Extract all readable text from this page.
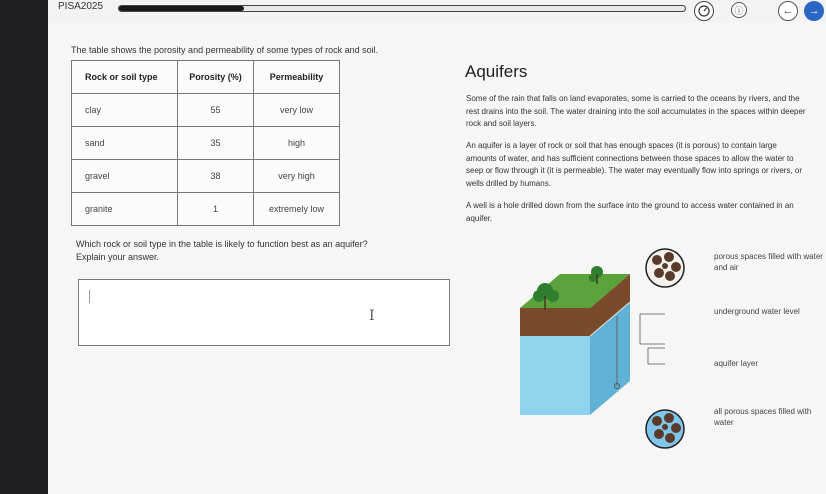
PISA2025	ⓘ	←	→
The table shows the porosity and permeability of some types of rock and soil.
Rock or soil type	Porosity (%)	Permeability
clay	55	very low
sand	35	high
gravel	38	very high
granite	1	extremely low
Which rock or soil type in the table is likely to function best as an aquifer?
Explain your answer.
I
Aquifers
Some of the rain that falls on land evaporates, some is carried to the oceans by rivers, and the rest drains into the soil. The water draining into the soil accumulates in the spaces within deeper rock and soil layers.
An aquifer is a layer of rock or soil that has enough spaces (it is porous) to contain large amounts of water, and has sufficient connections between those spaces to allow the water to seep or flow through it (it is permeable). The water may eventually flow into springs or rivers, or wells drilled by humans.
A well is a hole drilled down from the surface into the ground to access water contained in an aquifer.
porous spaces filled with water
and air
underground water level
aquifer layer
all porous spaces filled with
water
